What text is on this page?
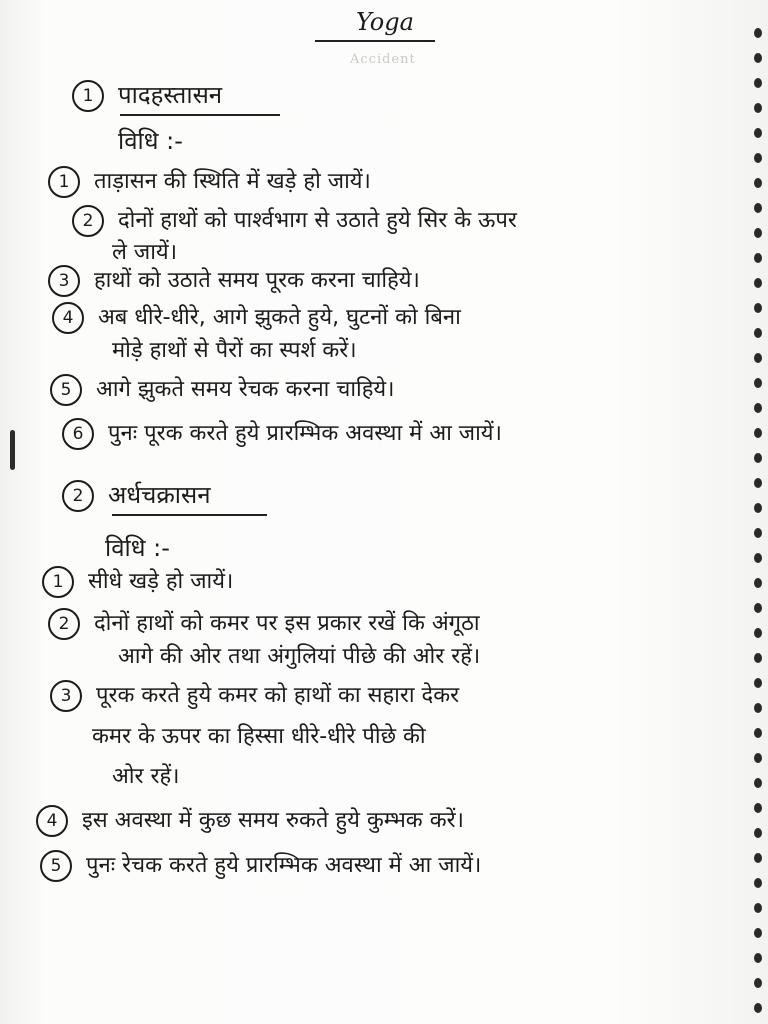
Accident
Yoga
1 पादहस्तासन
विधि :-
1 ताड़ासन की स्थिति में खड़े हो जायें।
2 दोनों हाथों को पार्श्वभाग से उठाते हुये सिर के ऊपर
ले जायें।
3 हाथों को उठाते समय पूरक करना चाहिये।
4 अब धीरे-धीरे, आगे झुकते हुये, घुटनों को बिना
मोड़े हाथों से पैरों का स्पर्श करें।
5 आगे झुकते समय रेचक करना चाहिये।
6 पुनः पूरक करते हुये प्रारम्भिक अवस्था में आ जायें।
2 अर्धचक्रासन
विधि :-
1 सीधे खड़े हो जायें।
2 दोनों हाथों को कमर पर इस प्रकार रखें कि अंगूठा
आगे की ओर तथा अंगुलियां पीछे की ओर रहें।
3 पूरक करते हुये कमर को हाथों का सहारा देकर
कमर के ऊपर का हिस्सा धीरे-धीरे पीछे की
ओर रहें।
4 इस अवस्था में कुछ समय रुकते हुये कुम्भक करें।
5 पुनः रेचक करते हुये प्रारम्भिक अवस्था में आ जायें।
